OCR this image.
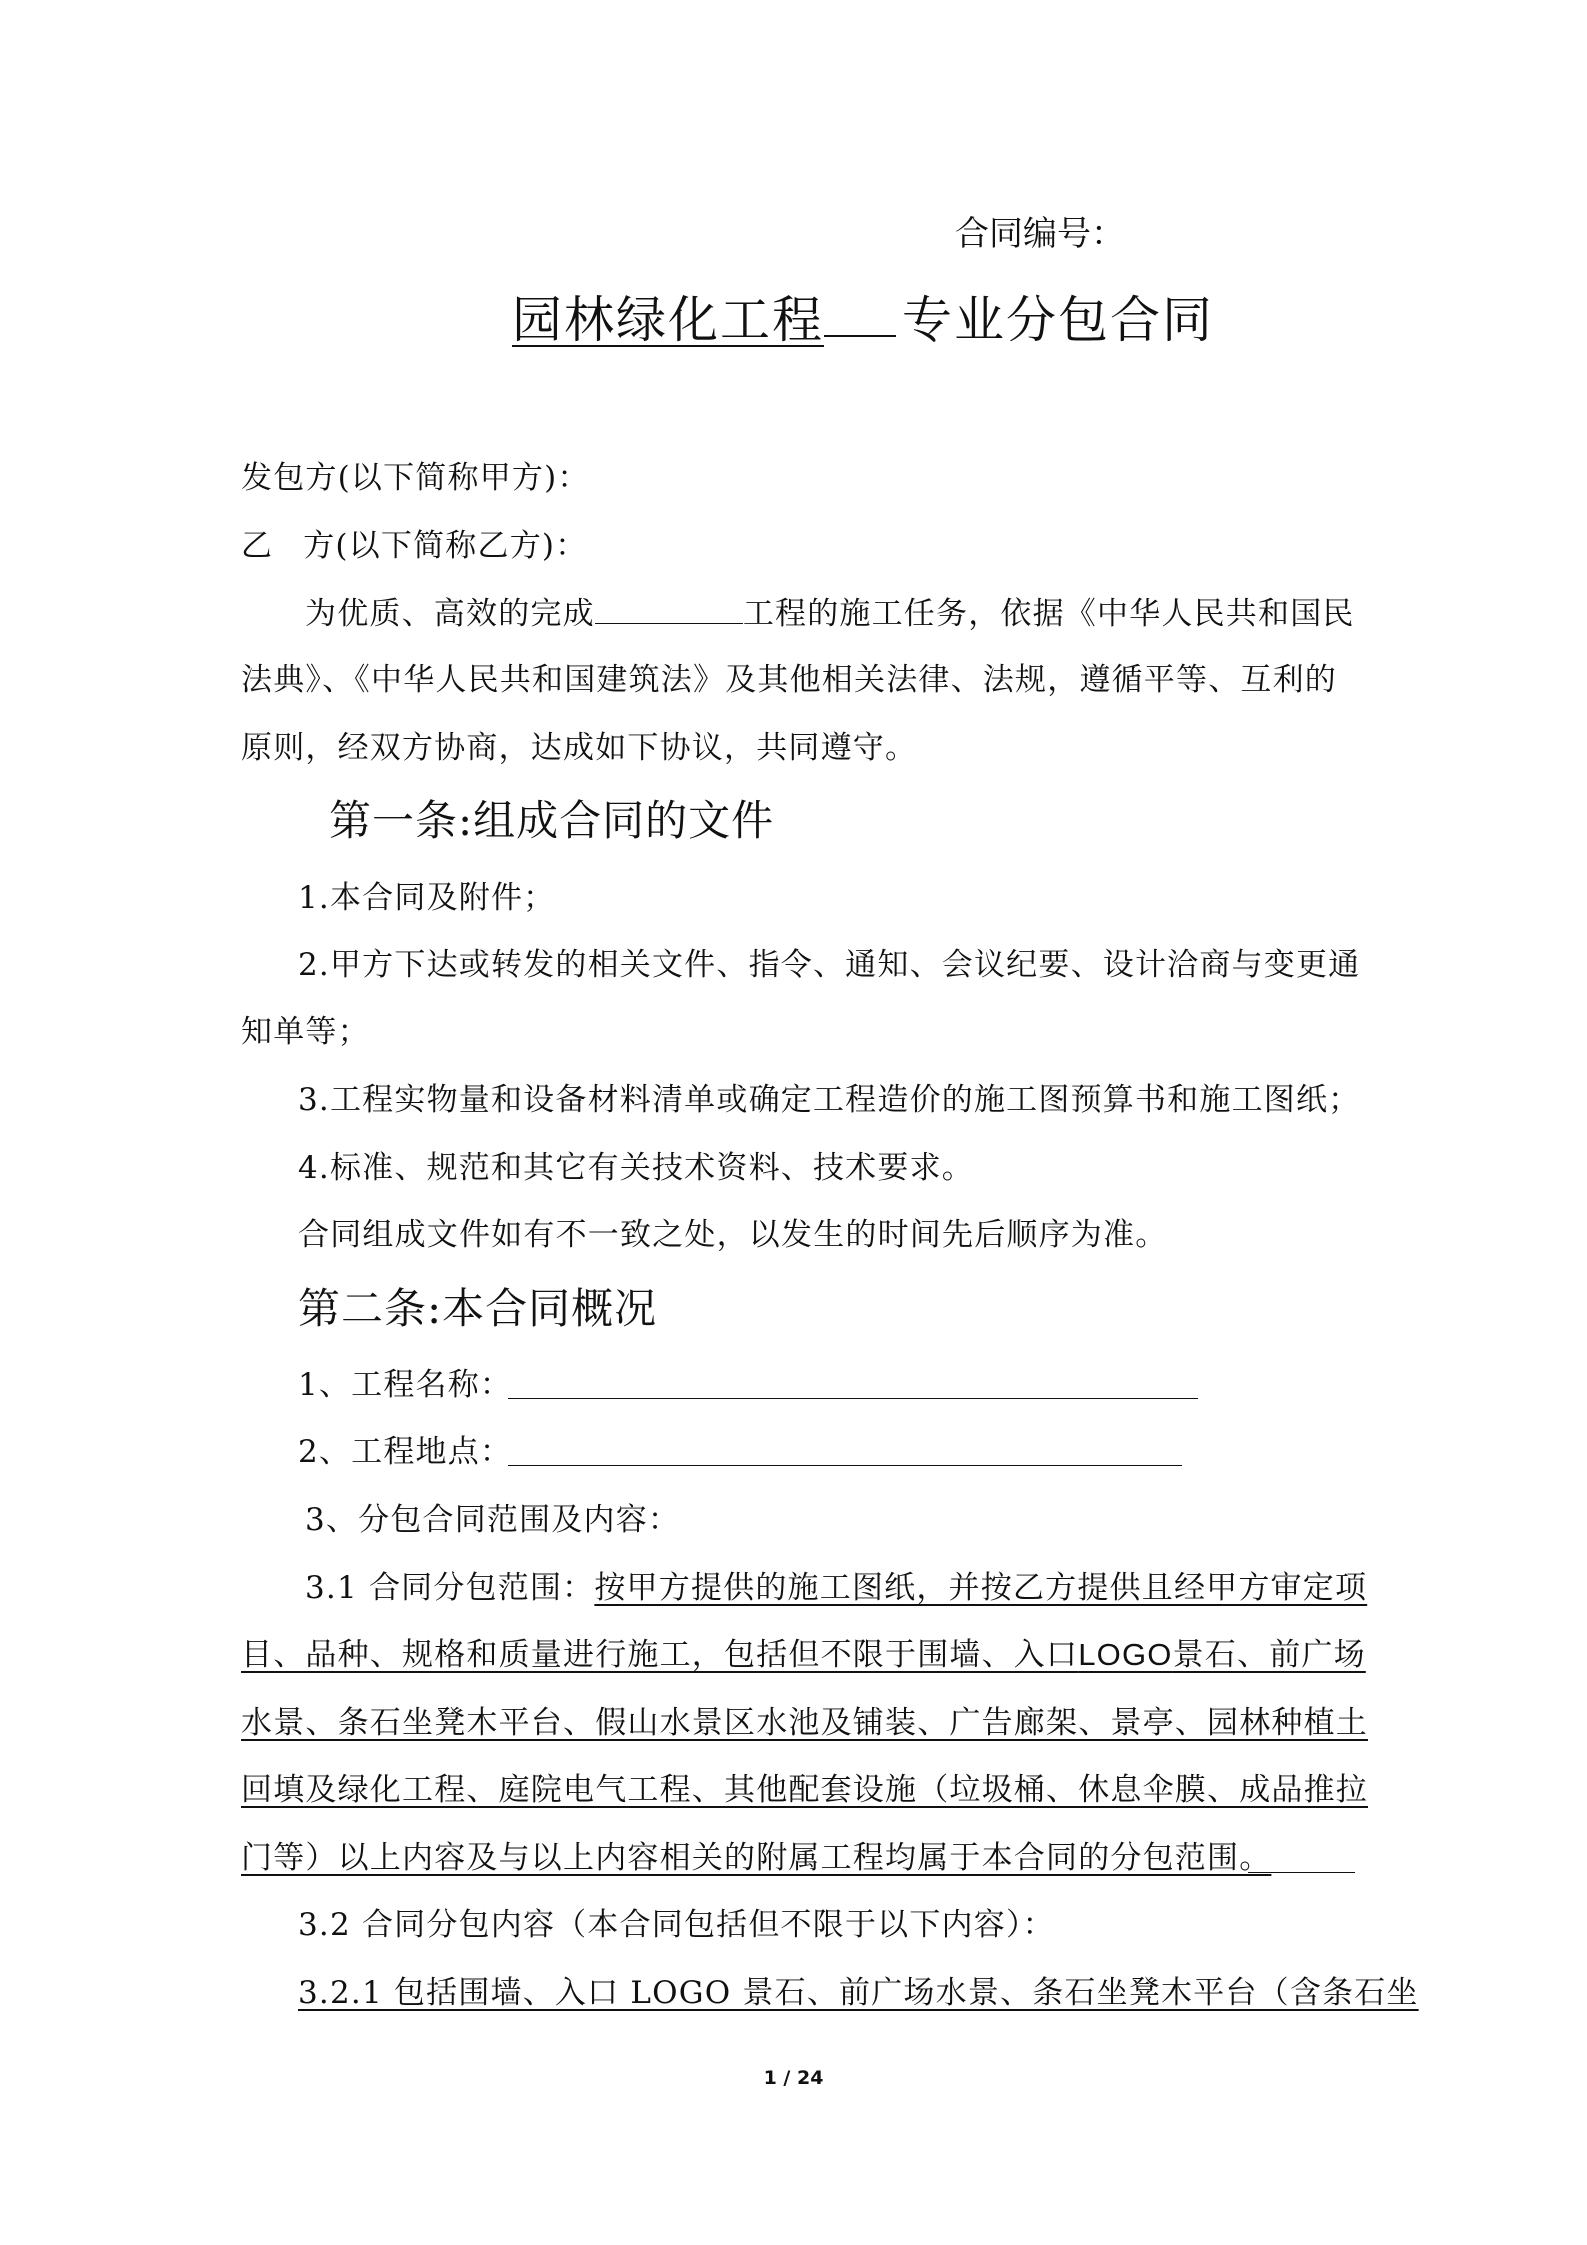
合同编号：
园林绿化工程 专业分包合同
发包方(以下简称甲方)：
乙 方(以下简称乙方)：
为优质、高效的完成	工程的施工任务，依据《中华人民共和国民
法典》、《中华人民共和国建筑法》及其他相关法律、法规，遵循平等、互利的
原则，经双方协商，达成如下协议，共同遵守。
第一条:组成合同的文件
1.本合同及附件；
2.甲方下达或转发的相关文件、指令、通知、会议纪要、设计洽商与变更通
知单等；
3.工程实物量和设备材料清单或确定工程造价的施工图预算书和施工图纸；
4.标准、规范和其它有关技术资料、技术要求。
合同组成文件如有不一致之处，以发生的时间先后顺序为准。
第二条:本合同概况
1、工程名称：
2、工程地点：
3、分包合同范围及内容：
3.1 合同分包范围：按甲方提供的施工图纸，并按乙方提供且经甲方审定项
目、品种、规格和质量进行施工，包括但不限于围墙、入口LOGO景石、前广场
水景、条石坐凳木平台、假山水景区水池及铺装、广告廊架、景亭、园林种植土
回填及绿化工程、庭院电气工程、其他配套设施（垃圾桶、休息伞膜、成品推拉
门等）以上内容及与以上内容相关的附属工程均属于本合同的分包范围。
3.2 合同分包内容（本合同包括但不限于以下内容）：
3.2.1 包括围墙、入口 LOGO 景石、前广场水景、条石坐凳木平台（含条石坐
1 / 24
